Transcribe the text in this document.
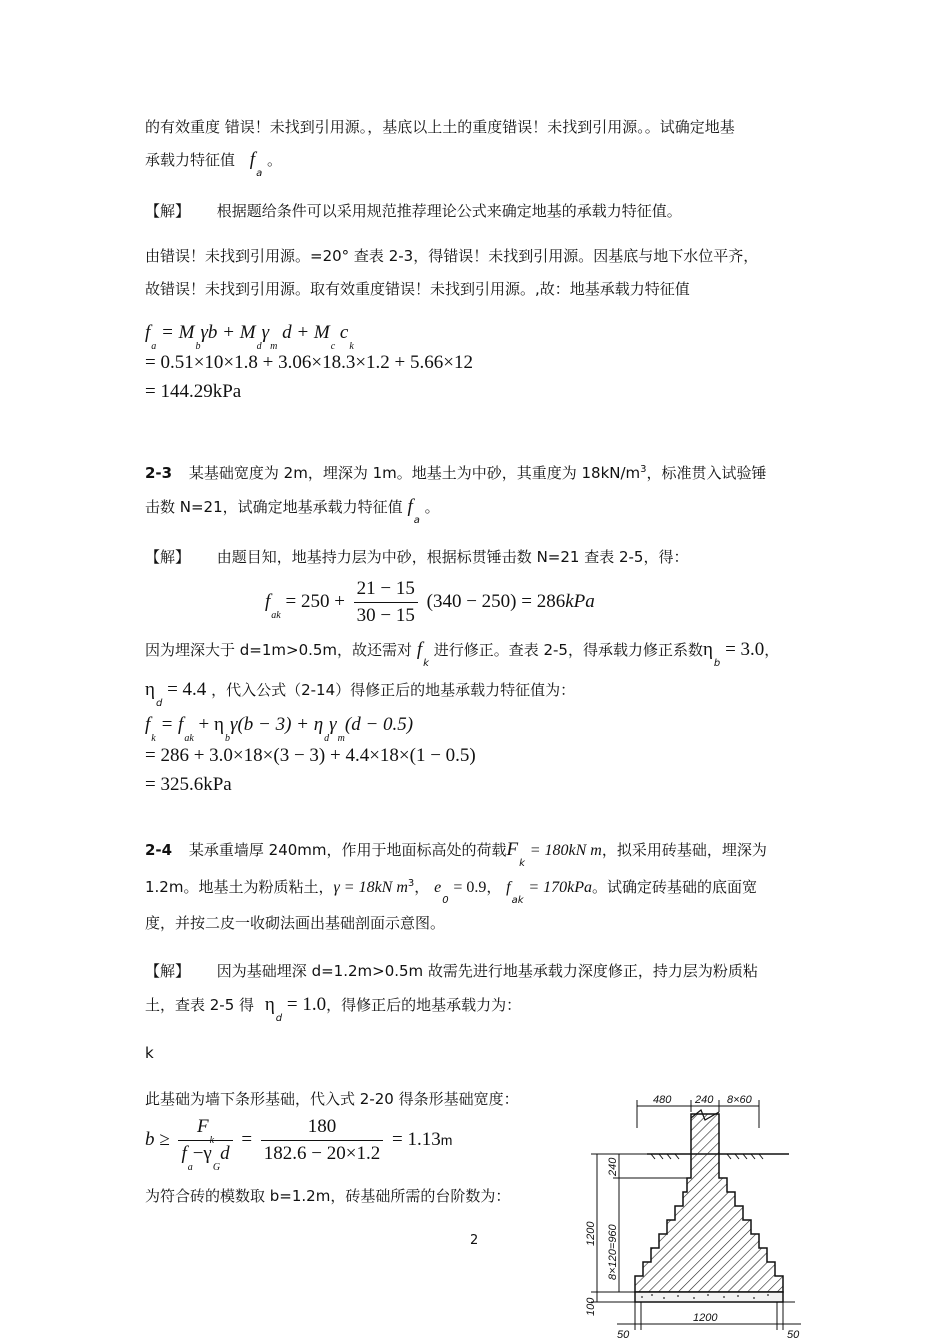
的有效重度 错误！未找到引用源。，基底以上土的重度错误！未找到引用源。。试确定地基
承载力特征值 $f_a$ 。
【解】 根据题给条件可以采用规范推荐理论公式来确定地基的承载力特征值。
由错误！未找到引用源。=20° 查表 2-3，得错误！未找到引用源。因基底与地下水位平齐，
故错误！未找到引用源。取有效重度错误！未找到引用源。,故：地基承载力特征值
$f_a = M_b\gamma b + M_d\gamma_m$ $d + M_c$ $c_k$
= 0.51×10×1.8 + 3.06×18.3×1.2 + 5.66×12
= 144.29kPa
2-3 某基础宽度为 2m，埋深为 1m。地基土为中砂，其重度为 $18kN/m^3$，标准贯入试验锤
击数 N=21，试确定地基承载力特征值 $f_a$ 。
【解】 由题目知，地基持力层为中砂，根据标贯锤击数 N=21 查表 2-5，得：
$f_{ak} = 250 + \frac{21 - 15}{30 - 15} (340 - 250) = 286kPa$
因为埋深大于 d=1m>0.5m，故还需对 $f_k$ 进行修正。查表 2-5，得承载力修正系数$\eta_b = 3.0$，
$\eta_d = 4.4$ ，代入公式（2-14）得修正后的地基承载力特征值为：
$f_k = f_{ak} + \eta_b\gamma(b - 3) + \eta_d\gamma_m(d - 0.5)$
= 286 + 3.0×18×(3 − 3) + 4.4×18×(1 − 0.5)
= 325.6kPa
2-4 某承重墙厚 240mm，作用于地面标高处的荷载$F_k = 180kN$ m，拟采用砖基础，埋深为
1.2m。地基土为粉质粘土，γ = 18kN $m^3$， $e_0 = 0.9$， $f_{ak} = 170kPa$。试确定砖基础的底面宽
度，并按二皮一收砌法画出基础剖面示意图。
【解】 因为基础埋深 d=1.2m>0.5m 故需先进行地基承载力深度修正，持力层为粉质粘
土，查表 2-5 得 $\eta_d = 1.0$，得修正后的地基承载力为：
k
此基础为墙下条形基础，代入式 2-20 得条形基础宽度：
$b \ge \frac{F_k}{f_a-\gamma_Gd} = \frac{180}{182.6 - 20\times 1.2} = 1.13m$
为符合砖的模数取 b=1.2m，砖基础所需的台阶数为：
2
480 240 8×60
240
1200 8×120=960
100
50
1200
50
